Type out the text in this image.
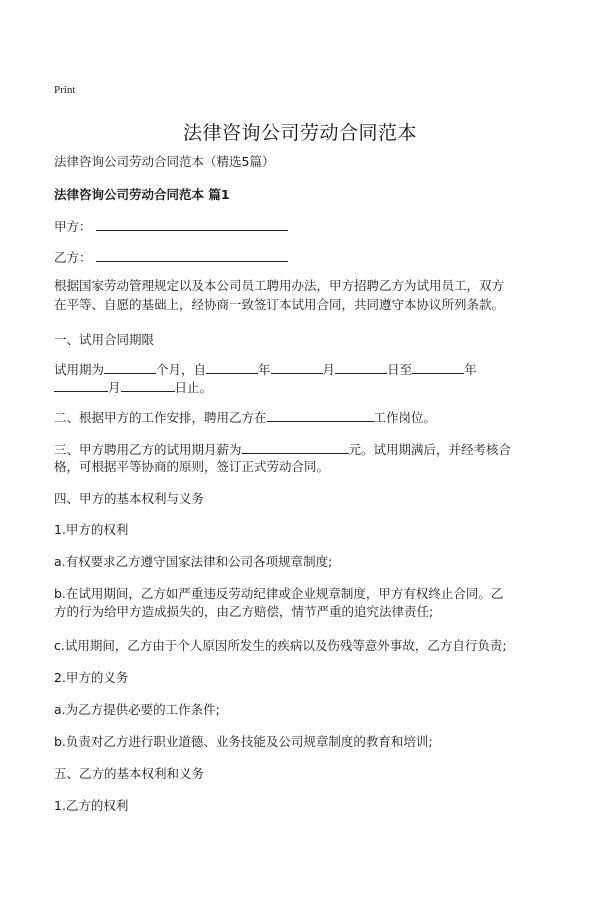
Print
法律咨询公司劳动合同范本
法律咨询公司劳动合同范本（精选5篇）
法律咨询公司劳动合同范本 篇1
甲方：
乙方：
根据国家劳动管理规定以及本公司员工聘用办法，甲方招聘乙方为试用员工，双方
在平等、自愿的基础上，经协商一致签订本试用合同，共同遵守本协议所列条款。
一、试用合同期限
试用期为	个月，自	年	月	日至	年
月	日止。
二、根据甲方的工作安排，聘用乙方在	工作岗位。
三、甲方聘用乙方的试用期月薪为	元。试用期满后，并经考核合
格，可根据平等协商的原则，签订正式劳动合同。
四、甲方的基本权利与义务
1.甲方的权利
a.有权要求乙方遵守国家法律和公司各项规章制度;
b.在试用期间，乙方如严重违反劳动纪律或企业规章制度，甲方有权终止合同。乙
方的行为给甲方造成损失的，由乙方赔偿，情节严重的追究法律责任;
c.试用期间，乙方由于个人原因所发生的疾病以及伤残等意外事故，乙方自行负责;
2.甲方的义务
a.为乙方提供必要的工作条件;
b.负责对乙方进行职业道德、业务技能及公司规章制度的教育和培训;
五、乙方的基本权利和义务
1.乙方的权利
